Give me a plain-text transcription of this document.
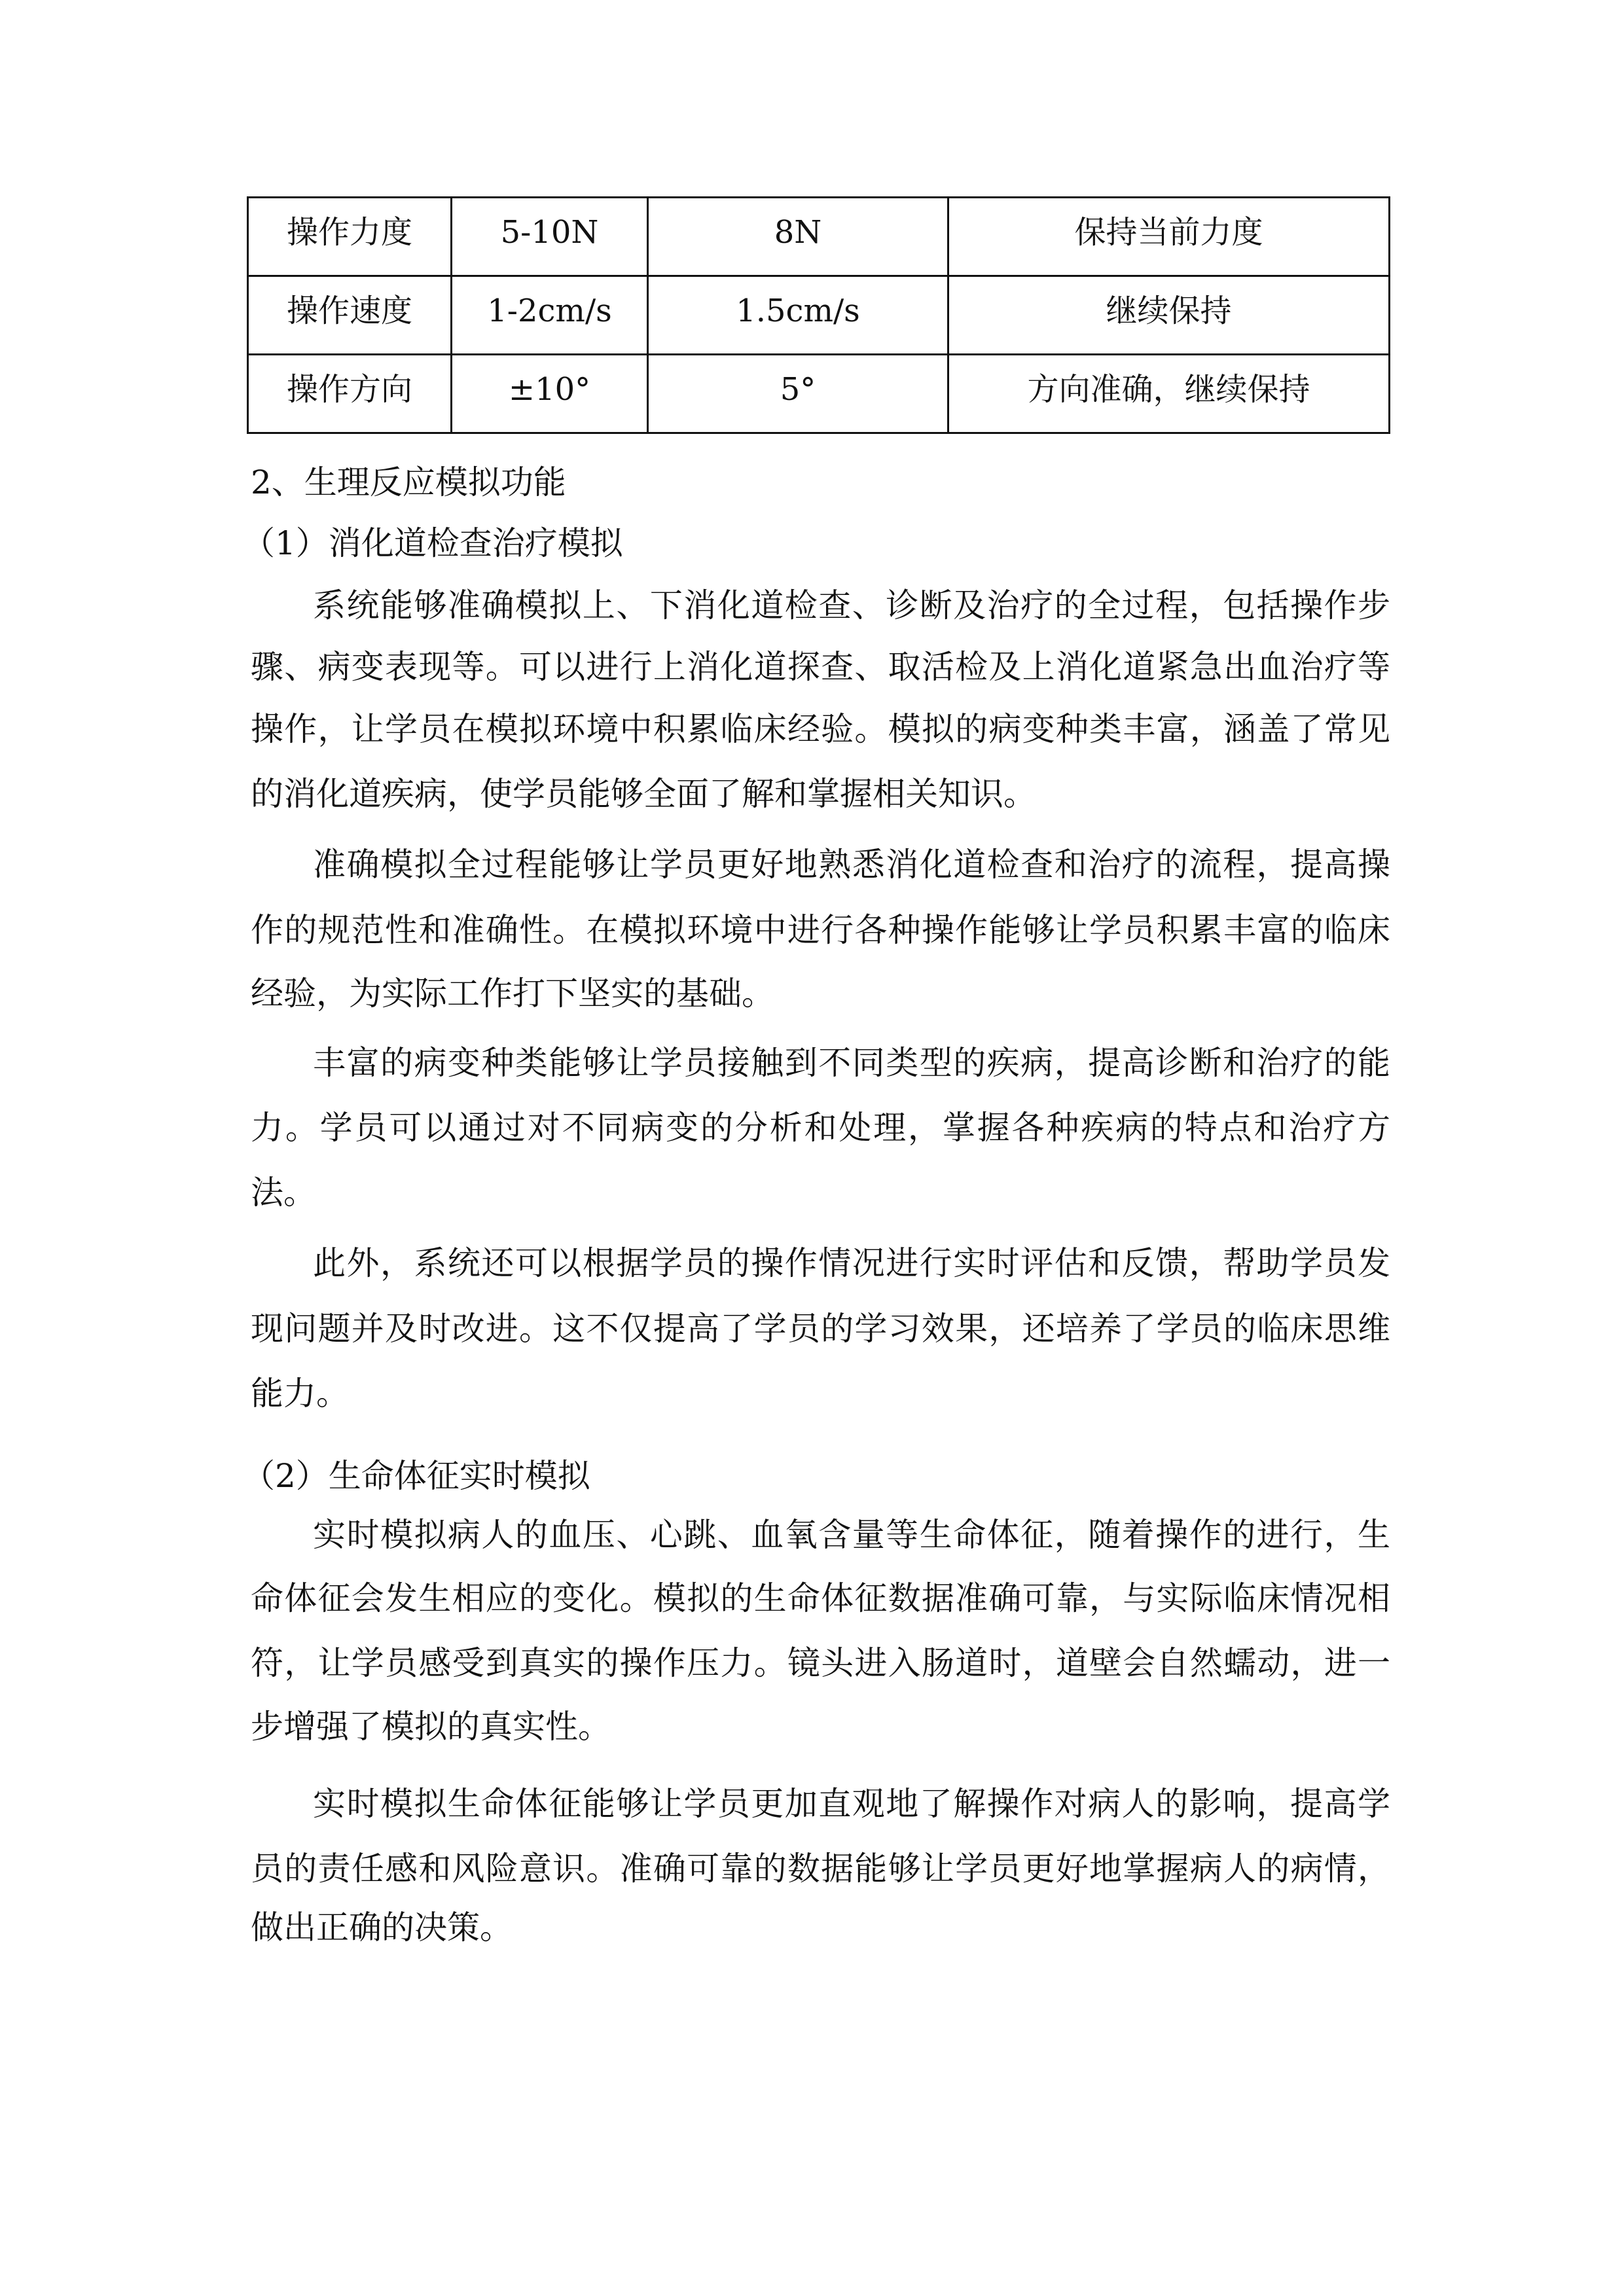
操作力度	5-10N	8N	保持当前力度
操作速度	1-2cm/s	1.5cm/s	继续保持
操作方向	±10°	5°	方向准确，继续保持
2、生理反应模拟功能
（1）消化道检查治疗模拟
（2）生命体征实时模拟
系统能够准确模拟上、下消化道检查、诊断及治疗的全过程，包括操作步
骤、病变表现等。可以进行上消化道探查、取活检及上消化道紧急出血治疗等
操作，让学员在模拟环境中积累临床经验。模拟的病变种类丰富，涵盖了常见
的消化道疾病，使学员能够全面了解和掌握相关知识。
准确模拟全过程能够让学员更好地熟悉消化道检查和治疗的流程，提高操
作的规范性和准确性。在模拟环境中进行各种操作能够让学员积累丰富的临床
经验，为实际工作打下坚实的基础。
丰富的病变种类能够让学员接触到不同类型的疾病，提高诊断和治疗的能
力。学员可以通过对不同病变的分析和处理，掌握各种疾病的特点和治疗方
法。
此外，系统还可以根据学员的操作情况进行实时评估和反馈，帮助学员发
现问题并及时改进。这不仅提高了学员的学习效果，还培养了学员的临床思维
能力。
实时模拟病人的血压、心跳、血氧含量等生命体征，随着操作的进行，生
命体征会发生相应的变化。模拟的生命体征数据准确可靠，与实际临床情况相
符，让学员感受到真实的操作压力。镜头进入肠道时，道壁会自然蠕动，进一
步增强了模拟的真实性。
实时模拟生命体征能够让学员更加直观地了解操作对病人的影响，提高学
员的责任感和风险意识。准确可靠的数据能够让学员更好地掌握病人的病情，
做出正确的决策。
